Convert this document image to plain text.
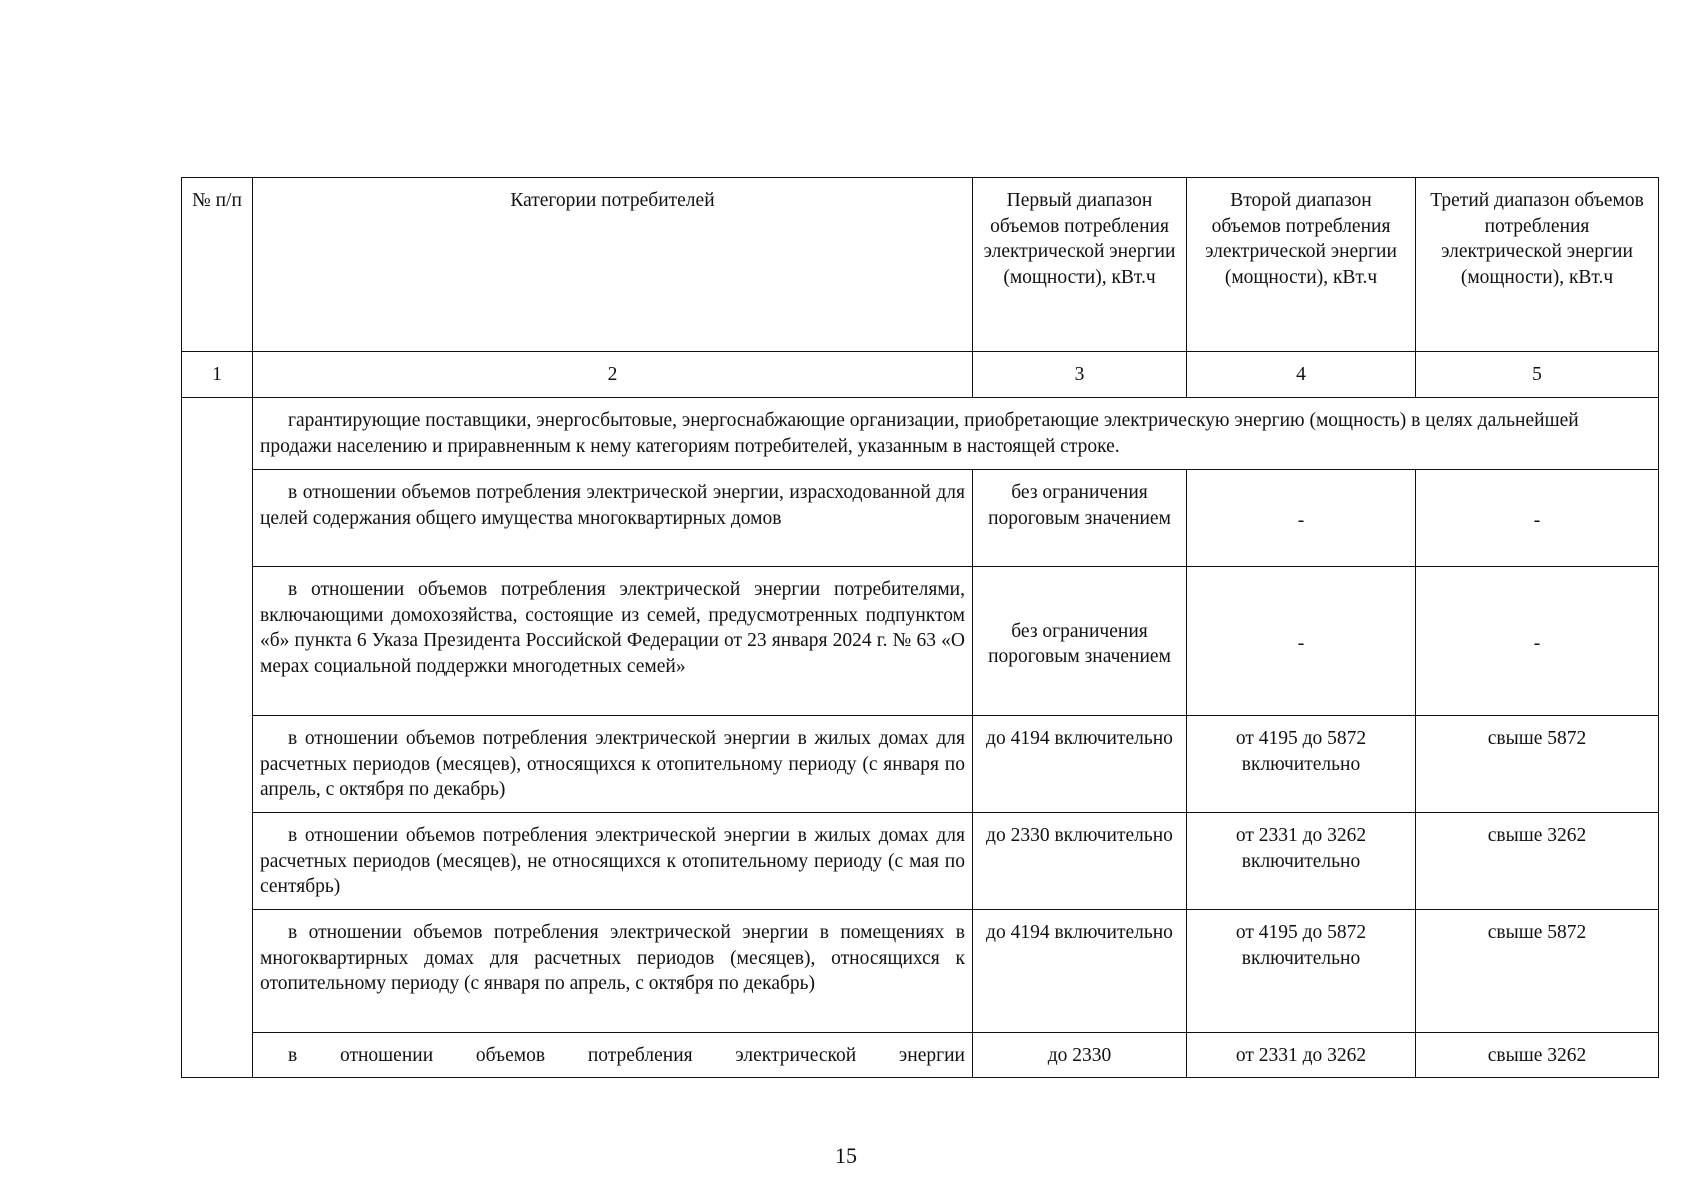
№ п/п	Категории потребителей	Первый диапазон объемов потребления электрической энергии (мощности), кВт.ч	Второй диапазон объемов потребления электрической энергии (мощности), кВт.ч	Третий диапазон объемов потребления электрической энергии (мощности), кВт.ч
1	2	3	4	5
	гарантирующие поставщики, энергосбытовые, энергоснабжающие организации, приобретающие электрическую энергию (мощность) в целях дальнейшей продажи населению и приравненным к нему категориям потребителей, указанным в настоящей строке.			
	в отношении объемов потребления электрической энергии, израсходованной для целей содержания общего имущества многоквартирных домов	без ограничения пороговым значением	-	-
	в отношении объемов потребления электрической энергии потребителями, включающими домохозяйства, состоящие из семей, предусмотренных подпунктом «б» пункта 6 Указа Президента Российской Федерации от 23 января 2024 г. № 63 «О мерах социальной поддержки многодетных семей»	без ограничения пороговым значением	-	-
	в отношении объемов потребления электрической энергии в жилых домах для расчетных периодов (месяцев), относящихся к отопительному периоду (с января по апрель, с октября по декабрь)	до 4194 включительно	от 4195 до 5872 включительно	свыше 5872
	в отношении объемов потребления электрической энергии в жилых домах для расчетных периодов (месяцев), не относящихся к отопительному периоду (с мая по сентябрь)	до 2330 включительно	от 2331 до 3262 включительно	свыше 3262
	в отношении объемов потребления электрической энергии в помещениях в многоквартирных домах для расчетных периодов (месяцев), относящихся к отопительному периоду (с января по апрель, с октября по декабрь)	до 4194 включительно	от 4195 до 5872 включительно	свыше 5872
	в отношении объемов потребления электрической энергии	до 2330	от 2331 до 3262	свыше 3262
15
